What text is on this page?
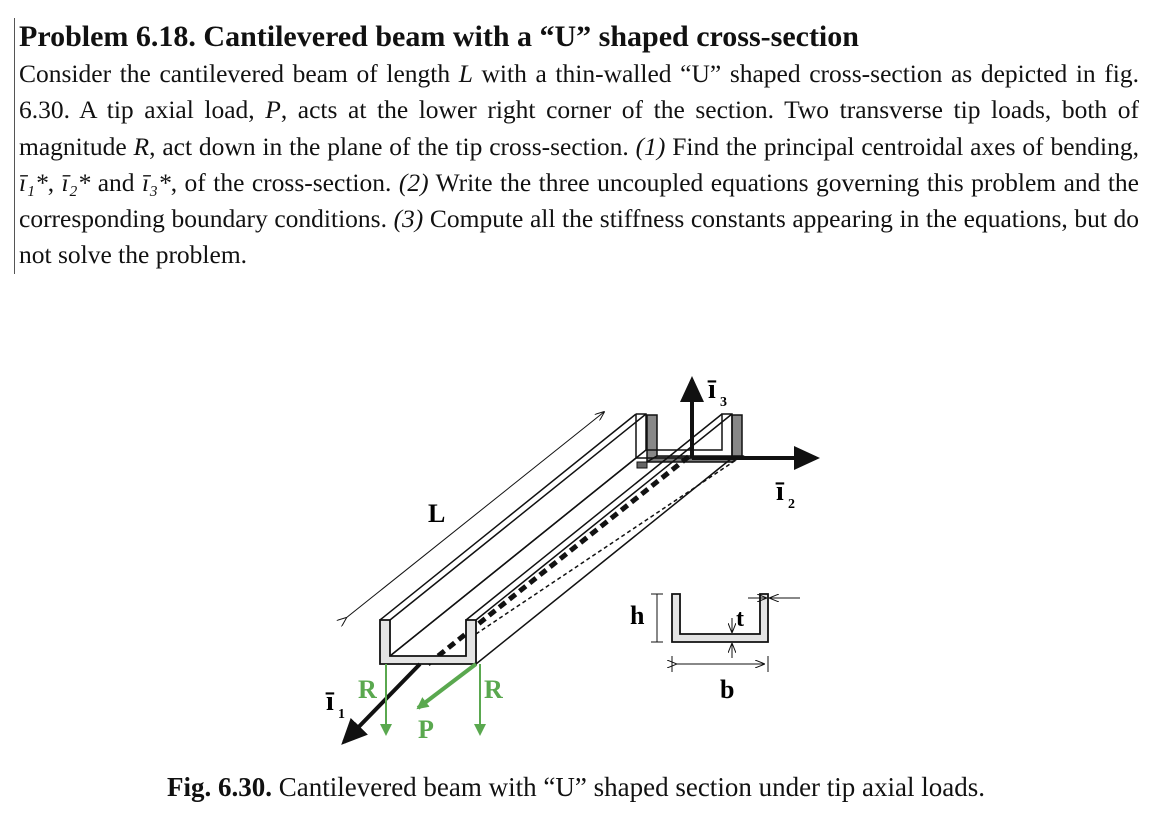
Problem 6.18. Cantilevered beam with a “U” shaped cross-section

Consider the cantilevered beam of length L with a thin-walled “U” shaped cross-section as depicted in fig. 6.30. A tip axial load, P, acts at the lower right corner of the section. Two transverse tip loads, both of magnitude R, act down in the plane of the tip cross-section. (1) Find the principal centroidal axes of bending, ī₁*, ī₂* and ī₃*, of the cross-section. (2) Write the three uncoupled equations governing this problem and the corresponding boundary conditions. (3) Compute all the stiffness constants appearing in the equations, but do not solve the problem.

L
ī 1
ī 2
ī 3
R	R
P
h	t
b
Fig. 6.30. Cantilevered beam with “U” shaped section under tip axial loads.
